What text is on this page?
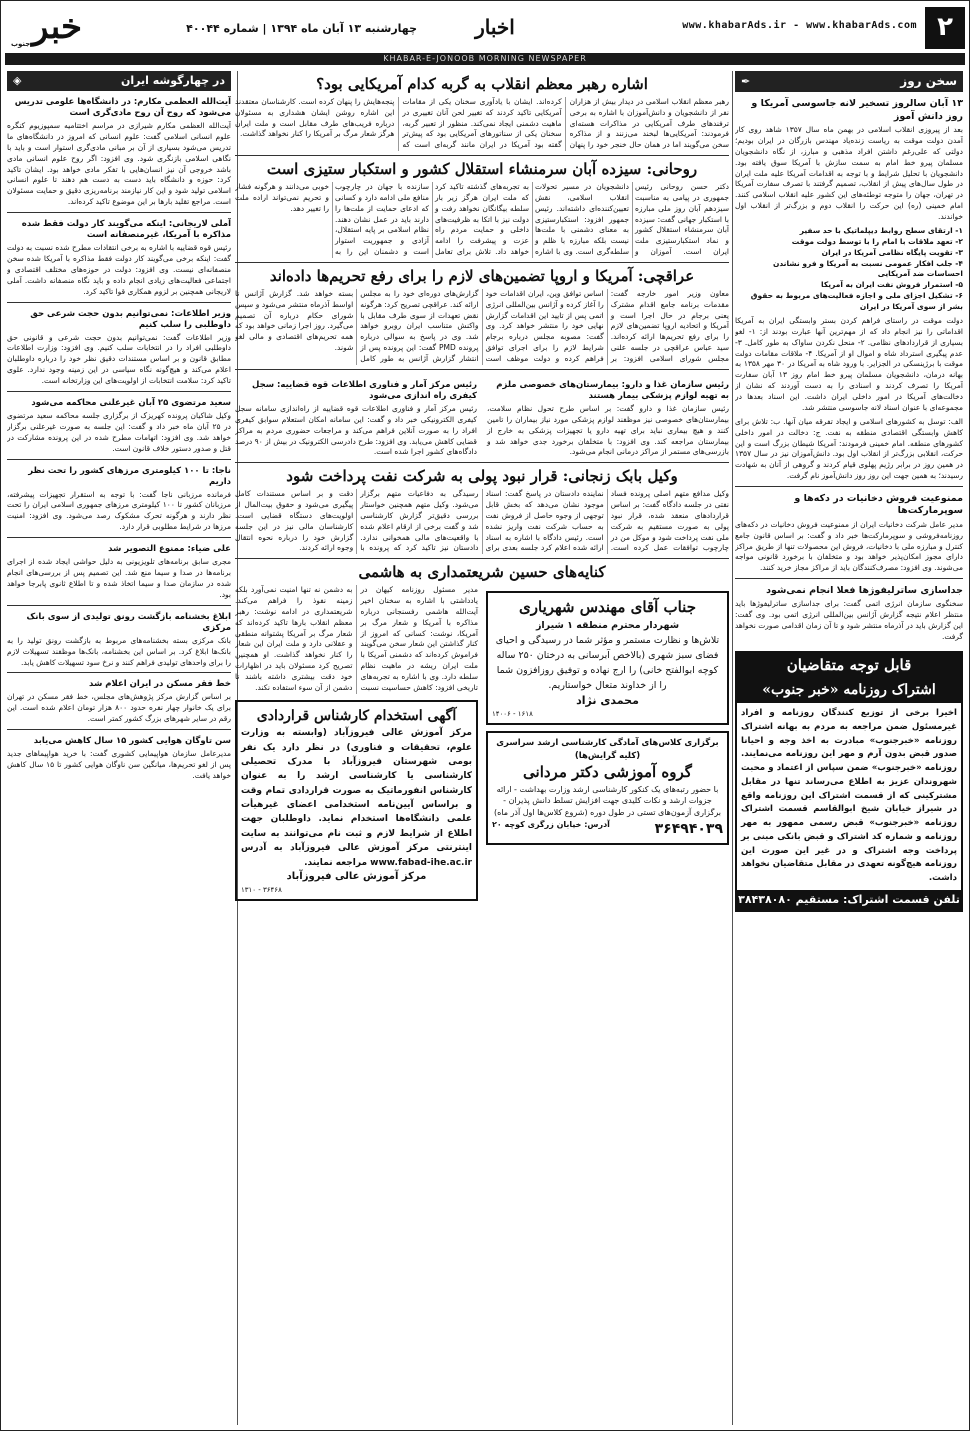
۲
www.khabarAds.ir - www.khabarAds.com
اخبار
چهارشنبه ۱۳ آبان ماه ۱۳۹۴ | شماره ۴۰۰۴۴
خبر
جنوب
KHABAR-E-JONOOB MORNING NEWSPAPER
سخن روز
✒
۱۳ آبان سالروز تسخیر لانه جاسوسی آمریکا و روز دانش آموز

بعد از پیروزی انقلاب اسلامی در بهمن ماه سال ۱۳۵۷ شاهد روی کار آمدن دولت موقت به ریاست زنده‌یاد مهندس بازرگان در ایران بودیم؛ دولتی که علی‌رغم داشتن افراد مذهبی و مبارز، از نگاه دانشجویان مسلمان پیرو خط امام به سمت سازش با آمریکا سوق یافته بود. دانشجویان با تحلیل شرایط و با توجه به اقدامات آمریکا علیه ملت ایران در طول سال‌های پیش از انقلاب، تصمیم گرفتند با تصرف سفارت آمریکا در تهران، جهان را متوجه توطئه‌های این کشور علیه انقلاب اسلامی کنند. امام خمینی (ره) این حرکت را انقلاب دوم و بزرگ‌تر از انقلاب اول خواندند.

۱- ارتقای سطح روابط دیپلماتیک با حد سفیر
۲- تعهد ملاقات با امام را با توسط دولت موقت
۳- تقویت پایگاه نظامی آمریکا در ایران
۴- جلب افکار عمومی نسبت به آمریکا و فرو نشاندن احساسات ضد آمریکایی
۵- استمرار فروش نفت ایران به آمریکا
۶- تشکیل اجزای ملی و اجازه فعالیت‌های مربوط به حقوق بشر از سوی آمریکا در ایران

دولت موقت در راستای فراهم کردن بستر وابستگی ایران به آمریکا اقداماتی را نیز انجام داد که از مهم‌ترین آنها عبارت بودند از: ۱- لغو بسیاری از قراردادهای نظامی. ۲- منحل نکردن ساواک به طور کامل. ۳- عدم پیگیری استرداد شاه و اموال او از آمریکا. ۴- ملاقات مقامات دولت موقت با برژینسکی در الجزایر. با ورود شاه به آمریکا در ۳۰ مهر ۱۳۵۸ به بهانه درمان، دانشجویان مسلمان پیرو خط امام روز ۱۳ آبان سفارت آمریکا را تصرف کردند و اسنادی را به دست آوردند که نشان از دخالت‌های آمریکا در امور داخلی ایران داشت. این اسناد بعدها در مجموعه‌ای با عنوان اسناد لانه جاسوسی منتشر شد.

الف: توسل به کشورهای اسلامی و ایجاد تفرقه میان آنها. ب: تلاش برای کاهش وابستگی اقتصادی منطقه به نفت. ج: دخالت در امور داخلی کشورهای منطقه. امام خمینی فرمودند: آمریکا شیطان بزرگ است و این حرکت، انقلابی بزرگ‌تر از انقلاب اول بود. دانش‌آموزان نیز در سال ۱۳۵۷ در همین روز در برابر رژیم پهلوی قیام کردند و گروهی از آنان به شهادت رسیدند؛ به همین جهت این روز روز دانش‌آموز نام گرفت.

ممنوعیت فروش دخانیات در دکه‌ها و سوپرمارکت‌ها

مدیر عامل شرکت دخانیات ایران از ممنوعیت فروش دخانیات در دکه‌های روزنامه‌فروشی و سوپرمارکت‌ها خبر داد و گفت: بر اساس قانون جامع کنترل و مبارزه ملی با دخانیات، فروش این محصولات تنها از طریق مراکز دارای مجوز امکان‌پذیر خواهد بود و متخلفان با برخورد قانونی مواجه می‌شوند. وی افزود: مصرف‌کنندگان باید از مراکز مجاز خرید کنند.

جداسازی ساترلیفوژها فعلا انجام نمی‌شود

سخنگوی سازمان انرژی اتمی گفت: برای جداسازی ساترلیفوژها باید منتظر اعلام نتیجه گزارش آژانس بین‌المللی انرژی اتمی بود. وی گفت: این گزارش باید در آذرماه منتشر شود و تا آن زمان اقدامی صورت نخواهد گرفت.

قابل توجه متقاضیان
اشتراک روزنامه «خبر جنوب»
اخیرا برخی از توزیع کنندگان روزنامه و افراد غیرمسئول ضمن مراجعه به مردم به بهانه اشتراک روزنامه «خبرجنوب» مبادرت به اخذ وجه و احیانا صدور قبض بدون آرم و مهر این روزنامه می‌نمایند. روزنامه «خبرجنوب» ضمن سپاس از اعتماد و محبت شهروندان عزیز به اطلاع می‌رساند تنها در مقابل مشترکینی که از قسمت اشتراک این روزنامه واقع در شیراز خیابان شیخ ابوالقاسم قسمت اشتراک روزنامه «خبرجنوب» قبض رسمی ممهور به مهر روزنامه و شماره کد اشتراک و قبض بانکی مبنی بر پرداخت وجه اشتراک و در غیر این صورت این روزنامه هیچ‌گونه تعهدی در مقابل متقاضیان نخواهد داشت.
تلفن قسمت اشتراک: مستقیم ۳۸۴۳۸۰۸۰
اشاره رهبر معظم انقلاب به گربه کدام آمریکایی بود؟
رهبر معظم انقلاب اسلامی در دیدار بیش از هزاران نفر از دانشجویان و دانش‌آموزان با اشاره به برخی ترفندهای طرف آمریکایی در مذاکرات هسته‌ای فرمودند: آمریکایی‌ها لبخند می‌زنند و از مذاکره سخن می‌گویند اما در همان حال خنجر خود را پنهان کرده‌اند. ایشان با یادآوری سخنان یکی از مقامات آمریکایی تاکید کردند که تغییر لحن آنان تغییری در ماهیت دشمنی ایجاد نمی‌کند. منظور از تعبیر گربه، سخنان یکی از سناتورهای آمریکایی بود که پیش‌تر گفته بود آمریکا در ایران مانند گربه‌ای است که پنجه‌هایش را پنهان کرده است. کارشناسان معتقدند این اشاره روشن ایشان هشداری به مسئولان درباره فریب‌های طرف مقابل است و ملت ایران هرگز شعار مرگ بر آمریکا را کنار نخواهد گذاشت.
روحانی: سیزده آبان سرمنشاء استقلال کشور و استکبار ستیزی است
دکتر حسن روحانی رئیس جمهوری در پیامی به مناسبت سیزدهم آبان روز ملی مبارزه با استکبار جهانی گفت: سیزده آبان سرمنشاء استقلال کشور و نماد استکبارستیزی ملت ایران است. آموزان و دانشجویان در مسیر تحولات انقلاب اسلامی، نقش تعیین‌کننده‌ای داشته‌اند. رئیس جمهور افزود: استکبارستیزی به معنای دشمنی با ملت‌ها نیست بلکه مبارزه با ظلم و سلطه‌گری است. وی با اشاره به تجربه‌های گذشته تاکید کرد که ملت ایران هرگز زیر بار سلطه بیگانگان نخواهد رفت و دولت نیز با اتکا به ظرفیت‌های داخلی و حمایت مردم راه عزت و پیشرفت را ادامه خواهد داد. تلاش برای تعامل سازنده با جهان در چارچوب منافع ملی ادامه دارد و کسانی که ادعای حمایت از ملت‌ها را دارند باید در عمل نشان دهند. نظام اسلامی بر پایه استقلال، آزادی و جمهوریت استوار است و دشمنان این را به خوبی می‌دانند و هرگونه فشار و تحریم نمی‌تواند اراده ملت را تغییر دهد.
عراقچی: آمریکا و اروپا تضمین‌های لازم را برای رفع تحریم‌ها داده‌اند
معاون وزیر امور خارجه گفت: مقدمات برنامه جامع اقدام مشترک یعنی برجام در حال اجرا است و آمریکا و اتحادیه اروپا تضمین‌های لازم را برای رفع تحریم‌ها ارائه کرده‌اند. سید عباس عراقچی در جلسه علنی مجلس شورای اسلامی افزود: بر اساس توافق وین، ایران اقدامات خود را آغاز کرده و آژانس بین‌المللی انرژی اتمی پس از تایید این اقدامات گزارش نهایی خود را منتشر خواهد کرد. وی گفت: مصوبه مجلس درباره برجام شرایط لازم را برای اجرای توافق فراهم کرده و دولت موظف است گزارش‌های دوره‌ای خود را به مجلس ارائه کند. عراقچی تصریح کرد: هرگونه نقض تعهدات از سوی طرف مقابل با واکنش متناسب ایران روبرو خواهد شد. وی در پاسخ به سوالی درباره پرونده PMD گفت: این پرونده پس از انتشار گزارش آژانس به طور کامل بسته خواهد شد. گزارش آژانس تا اواسط آذرماه منتشر می‌شود و سپس شورای حکام درباره آن تصمیم می‌گیرد. روز اجرا زمانی خواهد بود که همه تحریم‌های اقتصادی و مالی لغو شوند.
رئیس سازمان غذا و دارو: بیمارستان‌های خصوصی ملزم به تهیه لوازم پزشکی بیمار هستند

رئیس سازمان غذا و دارو گفت: بر اساس طرح تحول نظام سلامت، بیمارستان‌های خصوصی نیز موظفند لوازم پزشکی مورد نیاز بیماران را تامین کنند و هیچ بیماری نباید برای تهیه دارو یا تجهیزات پزشکی به خارج از بیمارستان مراجعه کند. وی افزود: با متخلفان برخورد جدی خواهد شد و بازرسی‌های مستمر از مراکز درمانی انجام می‌شود.

رئیس مرکز آمار و فناوری اطلاعات قوه قضاییه: سجل کیفری راه اندازی می‌شود

رئیس مرکز آمار و فناوری اطلاعات قوه قضاییه از راه‌اندازی سامانه سجل کیفری الکترونیکی خبر داد و گفت: این سامانه امکان استعلام سوابق کیفری افراد را به صورت آنلاین فراهم می‌کند و مراجعات حضوری مردم به مراکز قضایی کاهش می‌یابد. وی افزود: طرح دادرسی الکترونیک در بیش از ۹۰ درصد دادگاه‌های کشور اجرا شده است.

وکیل بابک زنجانی: قرار نبود پولی به شرکت نفت پرداخت شود
وکیل مدافع متهم اصلی پرونده فساد نفتی در جلسه دادگاه گفت: بر اساس قراردادهای منعقد شده، قرار نبود پولی به صورت مستقیم به شرکت ملی نفت پرداخت شود و موکل من در چارچوب توافقات عمل کرده است. نماینده دادستان در پاسخ گفت: اسناد موجود نشان می‌دهد که بخش قابل توجهی از وجوه حاصل از فروش نفت به حساب شرکت نفت واریز نشده است. رئیس دادگاه با اشاره به اسناد ارائه شده اعلام کرد جلسه بعدی برای رسیدگی به دفاعیات متهم برگزار می‌شود. وکیل متهم همچنین خواستار بررسی دقیق‌تر گزارش کارشناسی شد و گفت برخی از ارقام اعلام شده با واقعیت‌های مالی همخوانی ندارد. دادستان نیز تاکید کرد که پرونده با دقت و بر اساس مستندات کامل پیگیری می‌شود و حقوق بیت‌المال از اولویت‌های دستگاه قضایی است. کارشناسان مالی نیز در این جلسه گزارش خود را درباره نحوه انتقال وجوه ارائه کردند.
کنایه‌های حسین شریعتمداری به هاشمی
جناب آقای مهندس شهریاری
شهردار محترم منطقه ۱ شیراز

تلاش‌ها و نظارت مستمر و مؤثر شما در رسیدگی و احیای فضای سبز شهری (بالاخص آبرسانی به درختان ۲۵۰ ساله کوچه ابوالفتح خانی) را ارج نهاده و توفیق روزافزون شما را از خداوند متعال خواستاریم.

محمدی نژاد
۱۶۱۸ - ۱۴۰۰۶
برگزاری کلاس‌های آمادگی کارشناسی ارشد سراسری (کلیه گرایش‌ها)
گروه آموزشی دکتر مردانی

با حضور رتبه‌های یک کنکور کارشناسی ارشد وزارت بهداشت - ارائه جزوات ارشد و نکات کلیدی جهت افزایش تسلط دانش پذیران - برگزاری آزمون‌های تستی در طول دوره (شروع کلاس‌ها اول آذر ماه)

۳۶۴۹۴۰۳۹
آدرس: خیابان زرگری کوچه ۲۰

مدیر مسئول روزنامه کیهان در یادداشتی با اشاره به سخنان اخیر آیت‌الله هاشمی رفسنجانی درباره مذاکره با آمریکا و شعار مرگ بر آمریکا، نوشت: کسانی که امروز از کنار گذاشتن این شعار سخن می‌گویند فراموش کرده‌اند که دشمنی آمریکا با ملت ایران ریشه در ماهیت نظام سلطه دارد. وی با اشاره به تجربه‌های تاریخی افزود: کاهش حساسیت نسبت به دشمن نه تنها امنیت نمی‌آورد بلکه زمینه نفوذ را فراهم می‌کند. شریعتمداری در ادامه نوشت: رهبر معظم انقلاب بارها تاکید کرده‌اند که شعار مرگ بر آمریکا پشتوانه منطقی و عقلانی دارد و ملت ایران این شعار را کنار نخواهد گذاشت. او همچنین تصریح کرد مسئولان باید در اظهارات خود دقت بیشتری داشته باشند تا دشمن از آن سوء استفاده نکند.

آگهی استخدام کارشناس قراردادی

مرکز آموزش عالی فیروزآباد (وابسته به وزارت علوم، تحقیقات و فناوری) در نظر دارد یک نفر بومی شهرستان فیروزآباد با مدرک تحصیلی کارشناسی یا کارشناسی ارشد را به عنوان کارشناس انفورماتیک به صورت قراردادی تمام وقت و براساس آیین‌نامه استخدامی اعضای غیرهیأت علمی دانشگاه‌ها استخدام نماید. داوطلبان جهت اطلاع از شرایط لازم و ثبت نام می‌توانند به سایت اینترنتی مرکز آموزش عالی فیروزآباد به آدرس www.fabad-ihe.ac.ir مراجعه نمایند.

مرکز آموزش عالی فیروزآباد
۳۶۴۶۸ - ۱۳۱۰
در چهارگوشه ایران
◈
آیت‌الله العظمی مکارم: در دانشگاه‌ها علومی تدریس می‌شود که روح آن روح مادی‌گری است

آیت‌الله العظمی مکارم شیرازی در مراسم اختتامیه سمپوزیوم کنگره علوم انسانی اسلامی گفت: علوم انسانی که امروز در دانشگاه‌های ما تدریس می‌شود بسیاری از آن بر مبانی مادی‌گری استوار است و باید با نگاهی اسلامی بازنگری شود. وی افزود: اگر روح علوم انسانی مادی باشد خروجی آن نیز انسان‌هایی با تفکر مادی خواهد بود. ایشان تاکید کرد: حوزه و دانشگاه باید دست به دست هم دهند تا علوم انسانی اسلامی تولید شود و این کار نیازمند برنامه‌ریزی دقیق و حمایت مسئولان است. مراجع تقلید بارها بر این موضوع تاکید کرده‌اند.

آملی لاریجانی: اینکه می‌گویند کار دولت فقط شده مذاکره با آمریکا، غیرمنصفانه است

رئیس قوه قضاییه با اشاره به برخی انتقادات مطرح شده نسبت به دولت گفت: اینکه برخی می‌گویند کار دولت فقط مذاکره با آمریکا شده سخن منصفانه‌ای نیست. وی افزود: دولت در حوزه‌های مختلف اقتصادی و اجتماعی فعالیت‌های زیادی انجام داده و باید نگاه منصفانه داشت. آملی لاریجانی همچنین بر لزوم همکاری قوا تاکید کرد.

وزیر اطلاعات: نمی‌توانیم بدون حجت شرعی حق داوطلبی را سلب کنیم

وزیر اطلاعات گفت: نمی‌توانیم بدون حجت شرعی و قانونی حق داوطلبی افراد را در انتخابات سلب کنیم. وی افزود: وزارت اطلاعات مطابق قانون و بر اساس مستندات دقیق نظر خود را درباره داوطلبان اعلام می‌کند و هیچ‌گونه نگاه سیاسی در این زمینه وجود ندارد. علوی تاکید کرد: سلامت انتخابات از اولویت‌های این وزارتخانه است.

سعید مرتضوی ۲۵ آبان غیرعلنی محاکمه می‌شود

وکیل شاکیان پرونده کهریزک از برگزاری جلسه محاکمه سعید مرتضوی در ۲۵ آبان ماه خبر داد و گفت: این جلسه به صورت غیرعلنی برگزار خواهد شد. وی افزود: اتهامات مطرح شده در این پرونده مشارکت در قتل و صدور دستور خلاف قانون است.

ناجا: تا ۱۰۰ کیلومتری مرزهای کشور را تحت نظر داریم

فرمانده مرزبانی ناجا گفت: با توجه به استقرار تجهیزات پیشرفته، مرزبانان کشور تا ۱۰۰ کیلومتری مرزهای جمهوری اسلامی ایران را تحت نظر دارند و هرگونه تحرک مشکوک رصد می‌شود. وی افزود: امنیت مرزها در شرایط مطلوبی قرار دارد.

علی ضیاء: ممنوع التصویر شد

مجری سابق برنامه‌های تلویزیونی به دلیل حواشی ایجاد شده از اجرای برنامه‌ها در صدا و سیما منع شد. این تصمیم پس از بررسی‌های انجام شده در سازمان صدا و سیما اتخاذ شده و تا اطلاع ثانوی پابرجا خواهد بود.

ابلاغ بخشنامه بازگشت رونق تولیدی از سوی بانک مرکزی

بانک مرکزی بسته بخشنامه‌های مربوط به بازگشت رونق تولید را به بانک‌ها ابلاغ کرد. بر اساس این بخشنامه، بانک‌ها موظفند تسهیلات لازم را برای واحدهای تولیدی فراهم کنند و نرخ سود تسهیلات کاهش یابد.

خط فقر مسکن در ایران اعلام شد

بر اساس گزارش مرکز پژوهش‌های مجلس، خط فقر مسکن در تهران برای یک خانوار چهار نفره حدود ۸۰۰ هزار تومان اعلام شده است. این رقم در سایر شهرهای بزرگ کشور کمتر است.

سن تاوگان هوایی کشور ۱۵ سال کاهش می‌یابد

مدیرعامل سازمان هواپیمایی کشوری گفت: با خرید هواپیماهای جدید پس از لغو تحریم‌ها، میانگین سن ناوگان هوایی کشور تا ۱۵ سال کاهش خواهد یافت.
